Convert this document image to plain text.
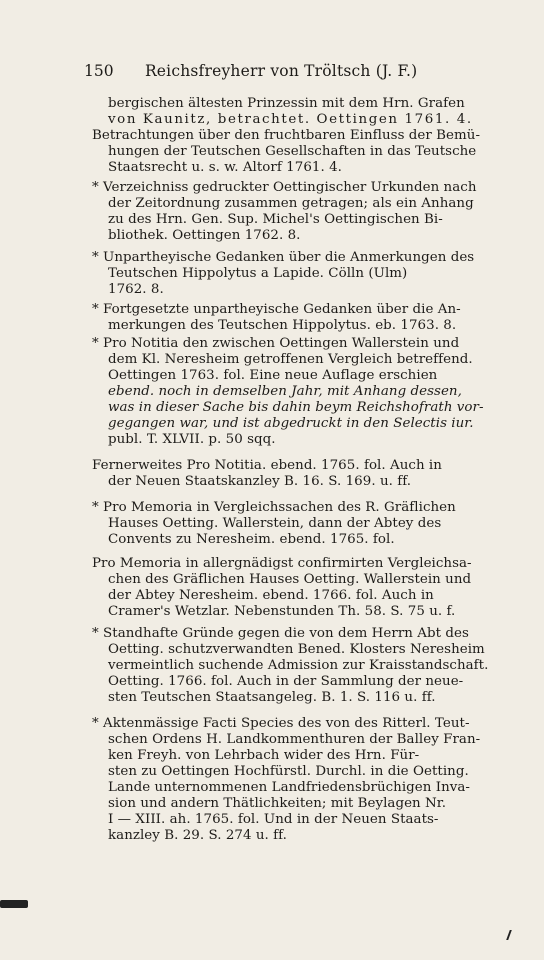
150 Reichsfreyherr von Tröltsch (J. F.)
bergischen ältesten Prinzessin mit dem Hrn. Grafen
von Kaunitz, betrachtet. Oettingen 1761. 4.
Betrachtungen über den fruchtbaren Einfluss der Bemü-
hungen der Teutschen Gesellschaften in das Teutsche
Staatsrecht u. s. w. Altorf 1761. 4.
* Verzeichniss gedruckter Oettingischer Urkunden nach
der Zeitordnung zusammen getragen; als ein Anhang
zu des Hrn. Gen. Sup. Michel's Oettingischen Bi-
bliothek. Oettingen 1762. 8.
* Unpartheyische Gedanken über die Anmerkungen des
Teutschen Hippolytus a Lapide. Cölln (Ulm)
1762. 8.
* Fortgesetzte unpartheyische Gedanken über die An-
merkungen des Teutschen Hippolytus. eb. 1763. 8.
* Pro Notitia den zwischen Oettingen Wallerstein und
dem Kl. Neresheim getroffenen Vergleich betreffend.
Oettingen 1763. fol. Eine neue Auflage erschien
ebend. noch in demselben Jahr, mit Anhang dessen,
was in dieser Sache bis dahin beym Reichshofrath vor-
gegangen war, und ist abgedruckt in den Selectis iur.
publ. T. XLVII. p. 50 sqq.
Fernerweites Pro Notitia. ebend. 1765. fol. Auch in
der Neuen Staatskanzley B. 16. S. 169. u. ff.
* Pro Memoria in Vergleichssachen des R. Gräflichen
Hauses Oetting. Wallerstein, dann der Abtey des
Convents zu Neresheim. ebend. 1765. fol.
Pro Memoria in allergnädigst confirmirten Vergleichsa-
chen des Gräflichen Hauses Oetting. Wallerstein und
der Abtey Neresheim. ebend. 1766. fol. Auch in
Cramer's Wetzlar. Nebenstunden Th. 58. S. 75 u. f.
* Standhafte Gründe gegen die von dem Herrn Abt des
Oetting. schutzverwandten Bened. Klosters Neresheim
vermeintlich suchende Admission zur Kraisstandschaft.
Oetting. 1766. fol. Auch in der Sammlung der neue-
sten Teutschen Staatsangeleg. B. 1. S. 116 u. ff.
* Aktenmässige Facti Species des von des Ritterl. Teut-
schen Ordens H. Landkommenthuren der Balley Fran-
ken Freyh. von Lehrbach wider des Hrn. Für-
sten zu Oettingen Hochfürstl. Durchl. in die Oetting.
Lande unternommenen Landfriedensbrüchigen Inva-
sion und andern Thätlichkeiten; mit Beylagen Nr.
I — XIII. ah. 1765. fol. Und in der Neuen Staats-
kanzley B. 29. S. 274 u. ff.
